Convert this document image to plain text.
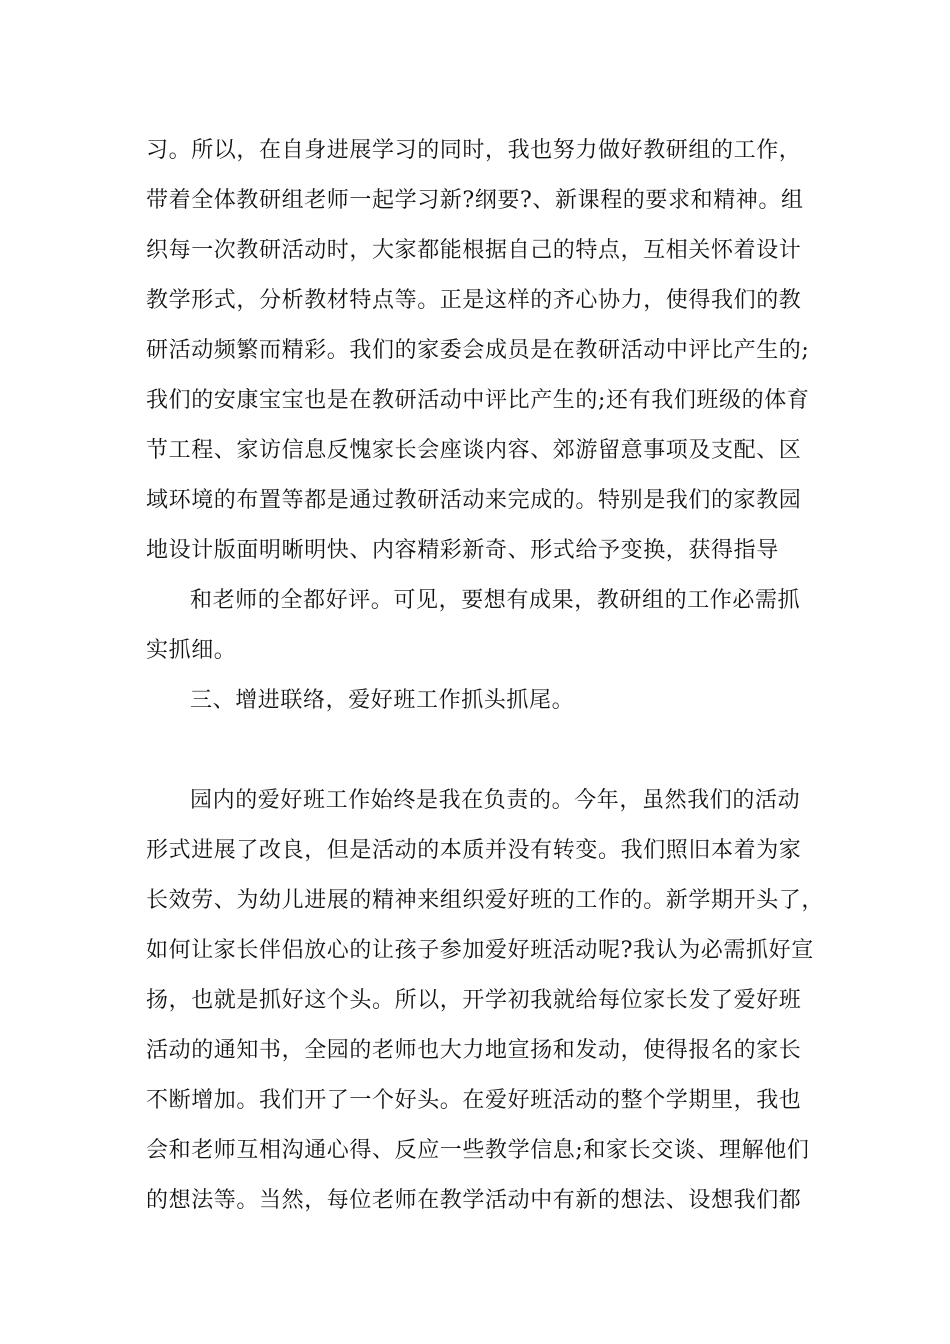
习。所以，在自身进展学习的同时，我也努力做好教研组的工作，
带着全体教研组老师一起学习新?纲要?、新课程的要求和精神。组
织每一次教研活动时，大家都能根据自己的特点，互相关怀着设计
教学形式，分析教材特点等。正是这样的齐心协力，使得我们的教
研活动频繁而精彩。我们的家委会成员是在教研活动中评比产生的;
我们的安康宝宝也是在教研活动中评比产生的;还有我们班级的体育
节工程、家访信息反愧家长会座谈内容、郊游留意事项及支配、区
域环境的布置等都是通过教研活动来完成的。特别是我们的家教园
地设计版面明晰明快、内容精彩新奇、形式给予变换，获得指导
和老师的全都好评。可见，要想有成果，教研组的工作必需抓
实抓细。
三、增进联络，爱好班工作抓头抓尾。
园内的爱好班工作始终是我在负责的。今年，虽然我们的活动
形式进展了改良，但是活动的本质并没有转变。我们照旧本着为家
长效劳、为幼儿进展的精神来组织爱好班的工作的。新学期开头了，
如何让家长伴侣放心的让孩子参加爱好班活动呢?我认为必需抓好宣
扬，也就是抓好这个头。所以，开学初我就给每位家长发了爱好班
活动的通知书，全园的老师也大力地宣扬和发动，使得报名的家长
不断增加。我们开了一个好头。在爱好班活动的整个学期里，我也
会和老师互相沟通心得、反应一些教学信息;和家长交谈、理解他们
的想法等。当然，每位老师在教学活动中有新的想法、设想我们都
